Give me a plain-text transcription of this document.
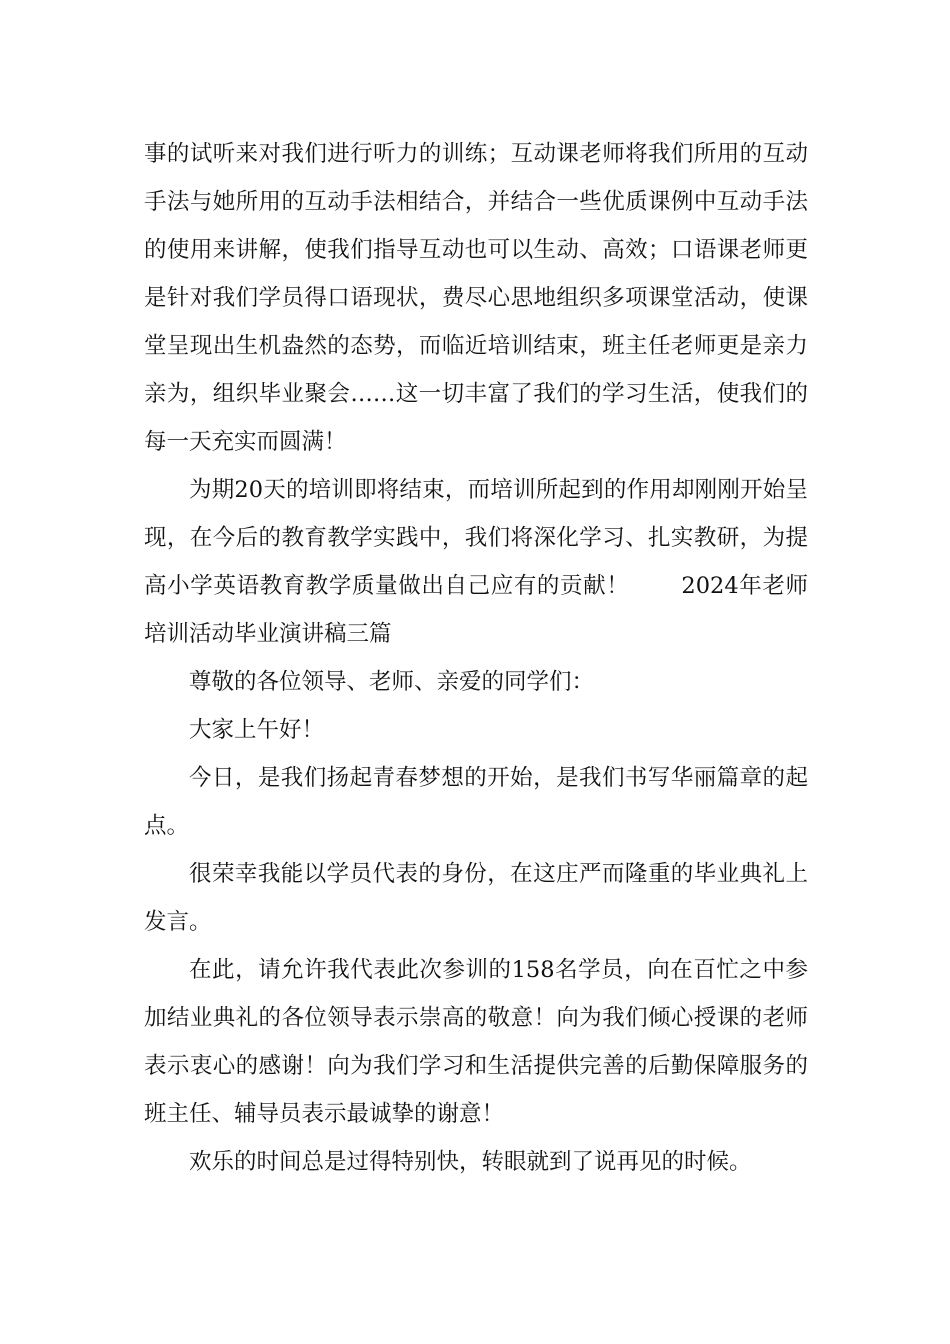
事的试听来对我们进行听力的训练；互动课老师将我们所用的互动手法与她所用的互动手法相结合，并结合一些优质课例中互动手法的使用来讲解，使我们指导互动也可以生动、高效；口语课老师更是针对我们学员得口语现状，费尽心思地组织多项课堂活动，使课堂呈现出生机盎然的态势，而临近培训结束，班主任老师更是亲力亲为，组织毕业聚会……这一切丰富了我们的学习生活，使我们的每一天充实而圆满！

为期20天的培训即将结束，而培训所起到的作用却刚刚开始呈现，在今后的教育教学实践中，我们将深化学习、扎实教研，为提高小学英语教育教学质量做出自己应有的贡献！ 2024年老师培训活动毕业演讲稿三篇

尊敬的各位领导、老师、亲爱的同学们：

大家上午好！

今日，是我们扬起青春梦想的开始，是我们书写华丽篇章的起点。

很荣幸我能以学员代表的身份，在这庄严而隆重的毕业典礼上发言。

在此，请允许我代表此次参训的158名学员，向在百忙之中参加结业典礼的各位领导表示崇高的敬意！向为我们倾心授课的老师表示衷心的感谢！向为我们学习和生活提供完善的后勤保障服务的班主任、辅导员表示最诚挚的谢意！

欢乐的时间总是过得特别快，转眼就到了说再见的时候。
